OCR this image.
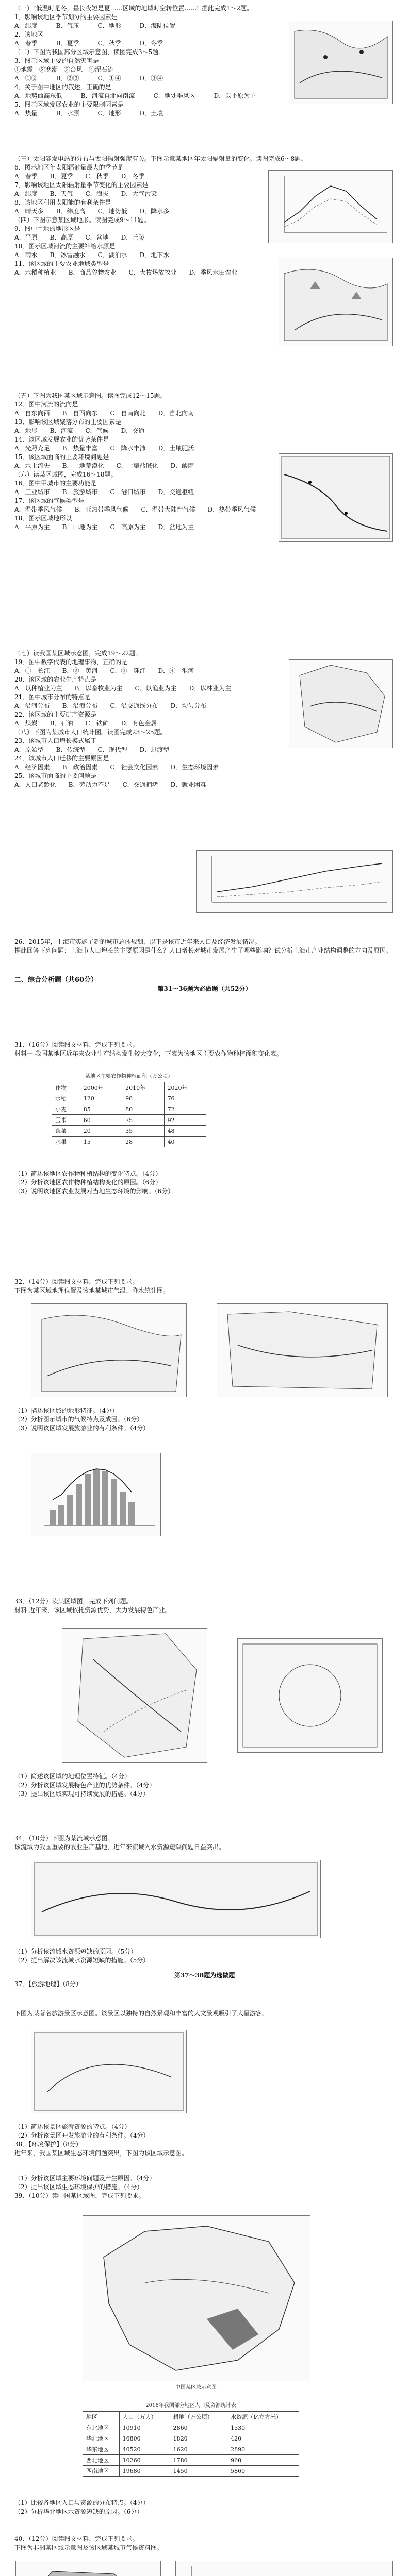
（一）"低温时是冬，昼长夜短是夏……区域的地域时空转位置……" 据此完成1～2题。
1．影响该地区季节划分的主要因素是
A．纬度　　　B．气压　　　C．地形　　　D．海陆位置
2．该地区
A．春季　　　B．夏季　　　C．秋季　　　D．冬季
（二）下图为我国部分区域示意图，读图完成3～5题。
3．图示区域主要的自然灾害是
①地震　②寒潮　③台风　④泥石流
A．①②　　　B．②③　　　C．①④　　　D．③④
4．关于图中地区的叙述，正确的是
A．地势西高东低　　　B．河流自北向南流　　　C．地处季风区　　　D．以平原为主
5．图示区域发展农业的主要限制因素是
A．热量　　　B．水源　　　C．地形　　　D．土壤
（三）太阳能发电站的分布与太阳辐射强度有关。下图示意某地区年太阳辐射量的变化。读图完成6～8题。
6．图示地区年太阳辐射量最大的季节是
A．春季　　B．夏季　　C．秋季　　D．冬季
7．影响该地区太阳辐射量季节变化的主要因素是
A．纬度　　B．天气　　C．海拔　　D．大气污染
8．该地区利用太阳能的有利条件是
A．晴天多　　B．纬度高　　C．地势低　　D．降水多
（四）下图示意某区域地形。读图完成9～11题。
9．图中甲地的地形区是
A．平原　　B．高原　　C．盆地　　D．丘陵
10．图示区域河流的主要补给水源是
A．雨水　　B．冰雪融水　　C．湖泊水　　D．地下水
11．该区域的主要农业地域类型是
A．水稻种植业　　B．商品谷物农业　　C．大牧场放牧业　　D．季风水田农业
（五）下图为我国某区域示意图。读图完成12～15题。
12．图中河流的流向是
A．自东向西　　B．自西向东　　C．自南向北　　D．自北向南
13．影响该区域聚落分布的主要因素是
A．地形　　B．河流　　C．气候　　D．交通
14．该区域发展农业的优势条件是
A．光照充足　　B．热量丰富　　C．降水丰沛　　D．土壤肥沃
15．该区域面临的主要环境问题是
A．水土流失　　B．土地荒漠化　　C．土壤盐碱化　　D．酸雨
（六）读某区域图，完成16～18题。
16．图中甲城市的主要功能是
A．工业城市　　B．旅游城市　　C．港口城市　　D．交通枢纽
17．该区域的气候类型是
A．温带季风气候　　B．亚热带季风气候　　C．温带大陆性气候　　D．热带季风气候
18．图示区域地形以
A．平原为主　　B．山地为主　　C．高原为主　　D．盆地为主
（七）读我国某区域示意图，完成19～22题。
19．图中数字代表的地理事物，正确的是
A．①—长江　　B．②—黄河　　C．③—珠江　　D．④—淮河
20．该区域的农业生产特点是
A．以种植业为主　　B．以畜牧业为主　　C．以渔业为主　　D．以林业为主
21．图中城市分布的特点是
A．沿河分布　　B．沿海分布　　C．沿交通线分布　　D．均匀分布
22．该区域的主要矿产资源是
A．煤炭　　B．石油　　C．铁矿　　D．有色金属
（八）下图为某城市人口统计图。读图完成23～25题。
23．该城市人口增长模式属于
A．原始型　　B．传统型　　C．现代型　　D．过渡型
24．该城市人口迁移的主要原因是
A．经济因素　　B．政治因素　　C．社会文化因素　　D．生态环境因素
25．该城市面临的主要问题是
A．人口老龄化　　B．劳动力不足　　C．交通拥堵　　D．就业困难
26．2015年，上海市实施了新的城市总体规划，以下是该市近年来人口及经济发展情况。
据此回答下列问题：上海市人口增长的主要原因是什么？人口增长对城市发展产生了哪些影响？试分析上海市产业结构调整的方向及原因。
二、综合分析题（共60分）
第31～36题为必做题（共52分）
31．（16分）阅读图文材料，完成下列要求。
材料一 我国某地区近年来农业生产结构发生较大变化，下表为该地区主要农作物种植面积变化表。
某地区主要农作物种植面积（万公顷）
作物	2000年	2010年	2020年
水稻	120	98	76
小麦	85	80	72
玉米	60	75	92
蔬菜	20	35	48
水果	15	28	40
（1）简述该地区农作物种植结构的变化特点。（4分）
（2）分析该地区农作物种植结构变化的原因。（6分）
（3）说明该地区农业发展对当地生态环境的影响。（6分）
32．（14分）阅读图文材料，完成下列要求。
下图为某区域地理位置及该地某城市气温、降水统计图。
（1）描述该区域的地形特征。（4分）
（2）分析图示城市的气候特点及成因。（6分）
（3）说明该区域发展旅游业的有利条件。（4分）
33．（12分）读某区域图，完成下列问题。
材料 近年来，该区域依托资源优势，大力发展特色产业。
（1）简述该区域的地理位置特征。（4分）
（2）分析该区域发展特色产业的优势条件。（4分）
（3）提出该区域实现可持续发展的措施。（4分）
34．（10分）下图为某流域示意图。
该流域为我国重要的农业生产基地，近年来流域内水资源短缺问题日益突出。
（1）分析该流域水资源短缺的原因。（5分）
（2）提出解决该流域水资源短缺的措施。（5分）
第37～38题为选做题
37．【旅游地理】（8分）
下图为某著名旅游景区示意图。该景区以独特的自然景观和丰富的人文景观吸引了大量游客。
（1）简述该景区旅游资源的特点。（4分）
（2）分析该景区开发旅游业的有利条件。（4分）
38．【环境保护】（8分）
近年来，我国某区域生态环境问题突出，下图为该区域示意图。
（1）分析该区域主要环境问题及产生原因。（4分）
（2）提出该区域生态环境保护的措施。（4分）
39．（10分）读中国某区域图，完成下列要求。
中国某区域示意图
2016年我国部分地区人口及资源统计表
地区	人口（万人）	耕地（万公顷）	水资源（亿立方米）
东北地区	10910	2860	1530
华北地区	16800	1820	420
华东地区	40520	1620	2890
西北地区	10260	1780	960
西南地区	19680	1450	5860
（1）比较各地区人口与资源的分布特点。（4分）
（2）分析华北地区水资源短缺的原因。（6分）
40．（12分）阅读图文材料，完成下列要求。
下图为非洲某区域示意图及该区域某城市气候资料图。
